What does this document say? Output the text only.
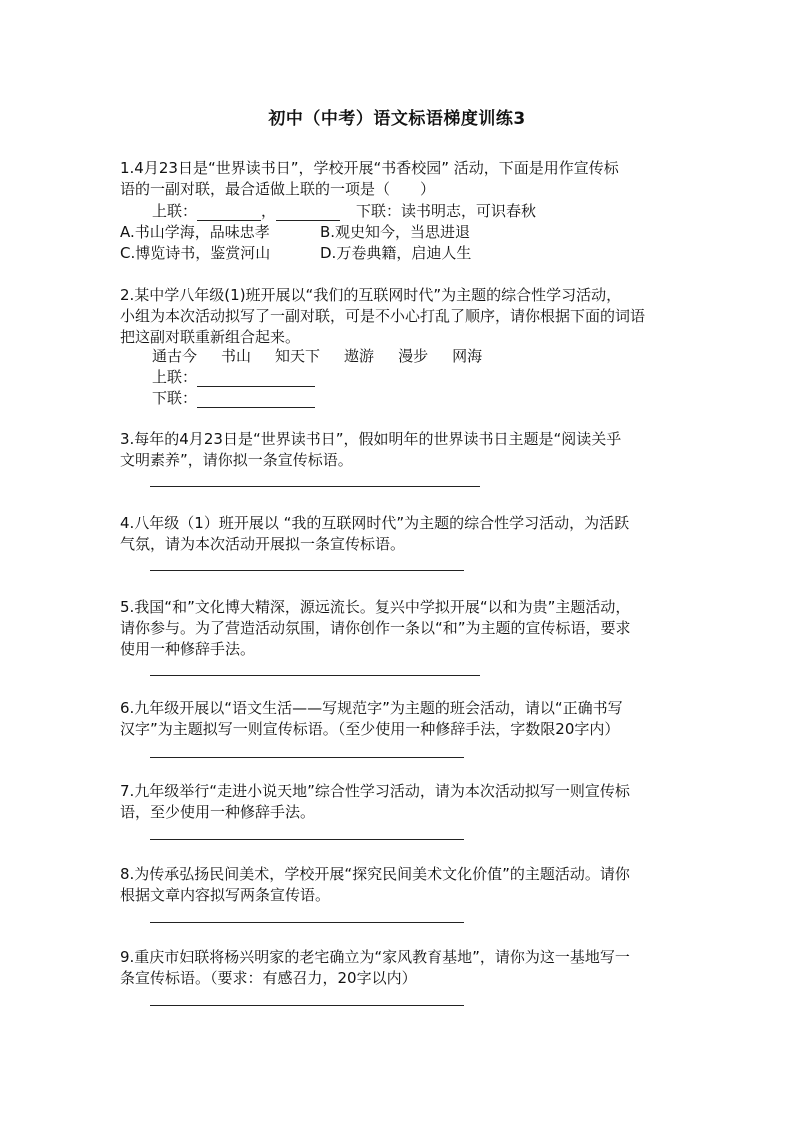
初中（中考）语文标语梯度训练3
1.4月23日是“世界读书日”，学校开展“书香校园” 活动，下面是用作宣传标
语的一副对联，最合适做上联的一项是（　　）
上联：	，	下联：读书明志，可识春秋
A.书山学海，品味忠孝	B.观史知今，当思进退
C.博览诗书，鉴赏河山	D.万卷典籍，启迪人生
2.某中学八年级(1)班开展以“我们的互联网时代”为主题的综合性学习活动，
小组为本次活动拟写了一副对联，可是不小心打乱了顺序，请你根据下面的词语
把这副对联重新组合起来。
通古今 书山 知天下 遨游 漫步 网海
上联：
下联：
3.每年的4月23日是“世界读书日”，假如明年的世界读书日主题是“阅读关乎
文明素养”，请你拟一条宣传标语。
4.八年级（1）班开展以 “我的互联网时代”为主题的综合性学习活动，为活跃
气氛，请为本次活动开展拟一条宣传标语。
5.我国“和”文化博大精深，源远流长。复兴中学拟开展“以和为贵”主题活动，
请你参与。为了营造活动氛围，请你创作一条以“和”为主题的宣传标语，要求
使用一种修辞手法。
6.九年级开展以“语文生活——写规范字”为主题的班会活动，请以“正确书写
汉字”为主题拟写一则宣传标语。（至少使用一种修辞手法，字数限20字内）
7.九年级举行“走进小说天地”综合性学习活动，请为本次活动拟写一则宣传标
语，至少使用一种修辞手法。
8.为传承弘扬民间美术，学校开展“探究民间美术文化价值”的主题活动。请你
根据文章内容拟写两条宣传语。
9.重庆市妇联将杨兴明家的老宅确立为“家风教育基地”，请你为这一基地写一
条宣传标语。（要求：有感召力，20字以内）
